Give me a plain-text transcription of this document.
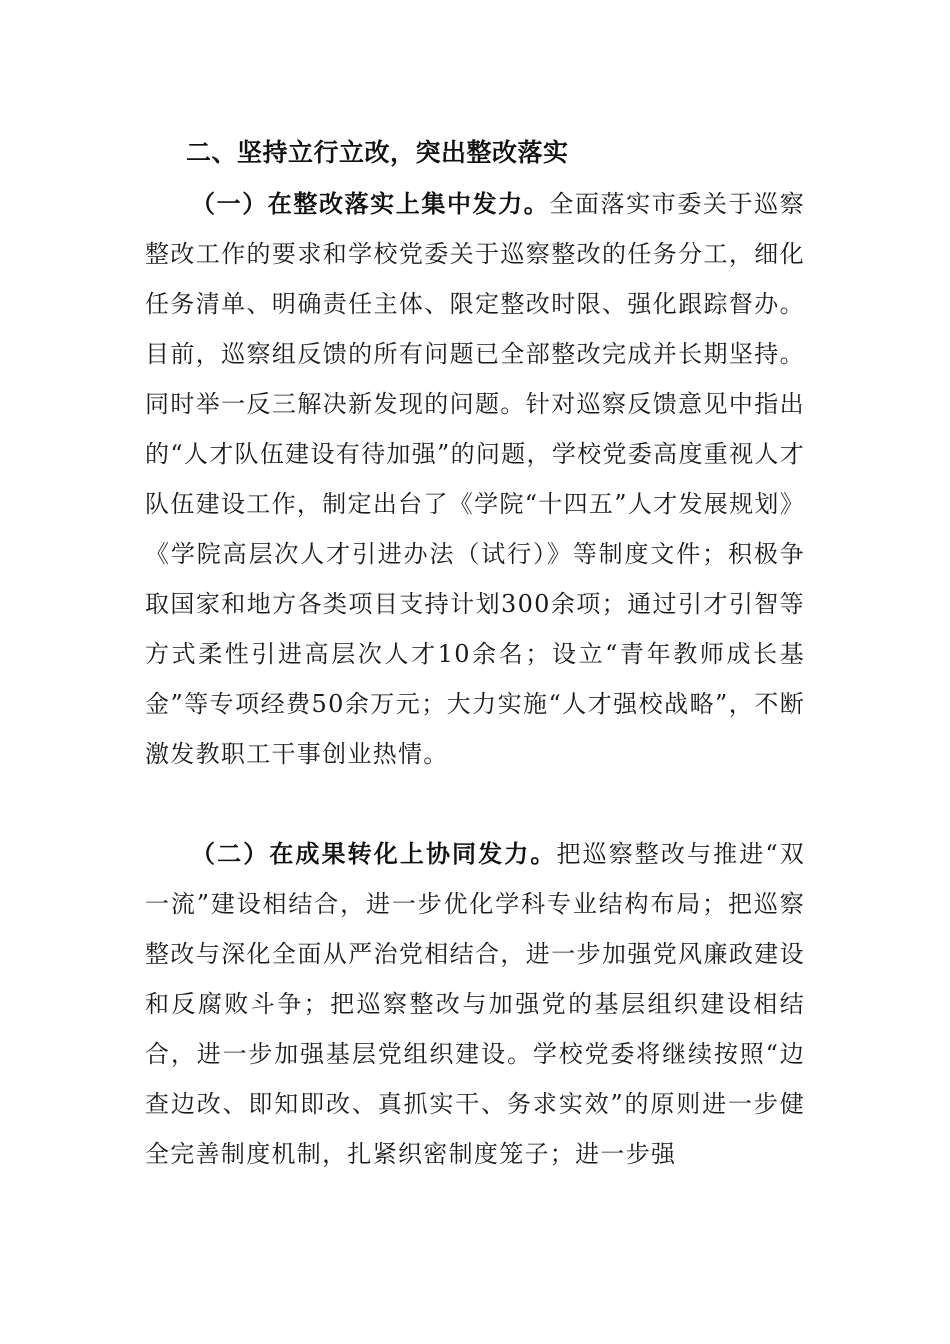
二、坚持立行立改，突出整改落实

（一）在整改落实上集中发力。全面落实市委关于巡察整改工作的要求和学校党委关于巡察整改的任务分工，细化任务清单、明确责任主体、限定整改时限、强化跟踪督办。目前，巡察组反馈的所有问题已全部整改完成并长期坚持。同时举一反三解决新发现的问题。针对巡察反馈意见中指出的“人才队伍建设有待加强”的问题，学校党委高度重视人才队伍建设工作，制定出台了《学院“十四五”人才发展规划》《学院高层次人才引进办法（试行）》等制度文件；积极争取国家和地方各类项目支持计划300余项；通过引才引智等方式柔性引进高层次人才10余名；设立“青年教师成长基金”等专项经费50余万元；大力实施“人才强校战略”，不断激发教职工干事创业热情。

（二）在成果转化上协同发力。把巡察整改与推进“双一流”建设相结合，进一步优化学科专业结构布局；把巡察整改与深化全面从严治党相结合，进一步加强党风廉政建设和反腐败斗争；把巡察整改与加强党的基层组织建设相结合，进一步加强基层党组织建设。学校党委将继续按照“边查边改、即知即改、真抓实干、务求实效”的原则进一步健全完善制度机制，扎紧织密制度笼子；进一步强
